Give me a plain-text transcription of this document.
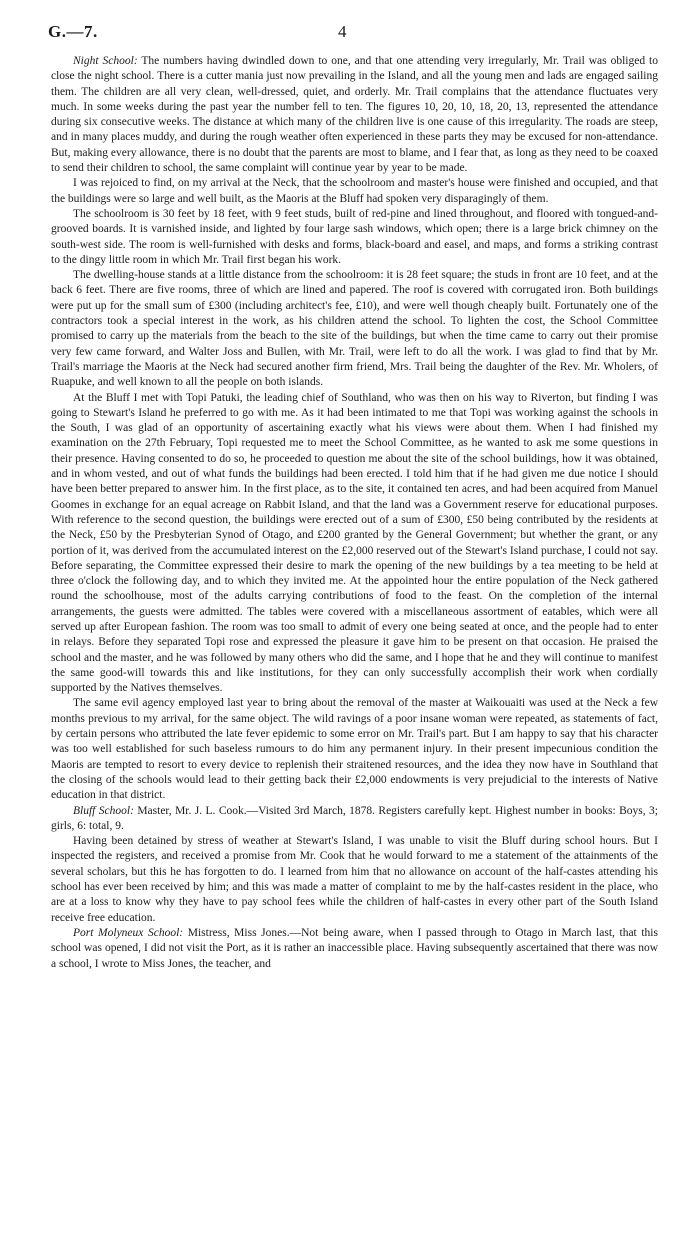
G.—7.	4

Night School: The numbers having dwindled down to one, and that one attending very irregularly, Mr. Trail was obliged to close the night school. There is a cutter mania just now prevailing in the Island, and all the young men and lads are engaged sailing them. The children are all very clean, well-dressed, quiet, and orderly. Mr. Trail complains that the attendance fluctuates very much. In some weeks during the past year the number fell to ten. The figures 10, 20, 10, 18, 20, 13, represented the attendance during six consecutive weeks. The distance at which many of the children live is one cause of this irregularity. The roads are steep, and in many places muddy, and during the rough weather often experienced in these parts they may be excused for non-attendance. But, making every allowance, there is no doubt that the parents are most to blame, and I fear that, as long as they need to be coaxed to send their children to school, the same complaint will continue year by year to be made.

I was rejoiced to find, on my arrival at the Neck, that the schoolroom and master's house were finished and occupied, and that the buildings were so large and well built, as the Maoris at the Bluff had spoken very disparagingly of them.

The schoolroom is 30 feet by 18 feet, with 9 feet studs, built of red-pine and lined throughout, and floored with tongued-and-grooved boards. It is varnished inside, and lighted by four large sash windows, which open; there is a large brick chimney on the south-west side. The room is well-furnished with desks and forms, black-board and easel, and maps, and forms a striking contrast to the dingy little room in which Mr. Trail first began his work.

The dwelling-house stands at a little distance from the schoolroom: it is 28 feet square; the studs in front are 10 feet, and at the back 6 feet. There are five rooms, three of which are lined and papered. The roof is covered with corrugated iron. Both buildings were put up for the small sum of £300 (including architect's fee, £10), and were well though cheaply built. Fortunately one of the contractors took a special interest in the work, as his children attend the school. To lighten the cost, the School Committee promised to carry up the materials from the beach to the site of the buildings, but when the time came to carry out their promise very few came forward, and Walter Joss and Bullen, with Mr. Trail, were left to do all the work. I was glad to find that by Mr. Trail's marriage the Maoris at the Neck had secured another firm friend, Mrs. Trail being the daughter of the Rev. Mr. Wholers, of Ruapuke, and well known to all the people on both islands.

At the Bluff I met with Topi Patuki, the leading chief of Southland, who was then on his way to Riverton, but finding I was going to Stewart's Island he preferred to go with me. As it had been intimated to me that Topi was working against the schools in the South, I was glad of an opportunity of ascertaining exactly what his views were about them. When I had finished my examination on the 27th February, Topi requested me to meet the School Committee, as he wanted to ask me some questions in their presence. Having consented to do so, he proceeded to question me about the site of the school buildings, how it was obtained, and in whom vested, and out of what funds the buildings had been erected. I told him that if he had given me due notice I should have been better prepared to answer him. In the first place, as to the site, it contained ten acres, and had been acquired from Manuel Goomes in exchange for an equal acreage on Rabbit Island, and that the land was a Government reserve for educational purposes. With reference to the second question, the buildings were erected out of a sum of £300, £50 being contributed by the residents at the Neck, £50 by the Presbyterian Synod of Otago, and £200 granted by the General Government; but whether the grant, or any portion of it, was derived from the accumulated interest on the £2,000 reserved out of the Stewart's Island purchase, I could not say. Before separating, the Committee expressed their desire to mark the opening of the new buildings by a tea meeting to be held at three o'clock the following day, and to which they invited me. At the appointed hour the entire population of the Neck gathered round the schoolhouse, most of the adults carrying contributions of food to the feast. On the completion of the internal arrangements, the guests were admitted. The tables were covered with a miscellaneous assortment of eatables, which were all served up after European fashion. The room was too small to admit of every one being seated at once, and the people had to enter in relays. Before they separated Topi rose and expressed the pleasure it gave him to be present on that occasion. He praised the school and the master, and he was followed by many others who did the same, and I hope that he and they will continue to manifest the same good-will towards this and like institutions, for they can only successfully accomplish their work when cordially supported by the Natives themselves.

The same evil agency employed last year to bring about the removal of the master at Waikouaiti was used at the Neck a few months previous to my arrival, for the same object. The wild ravings of a poor insane woman were repeated, as statements of fact, by certain persons who attributed the late fever epidemic to some error on Mr. Trail's part. But I am happy to say that his character was too well established for such baseless rumours to do him any permanent injury. In their present impecunious condition the Maoris are tempted to resort to every device to replenish their straitened resources, and the idea they now have in Southland that the closing of the schools would lead to their getting back their £2,000 endowments is very prejudicial to the interests of Native education in that district.

Bluff School: Master, Mr. J. L. Cook.—Visited 3rd March, 1878. Registers carefully kept. Highest number in books: Boys, 3; girls, 6: total, 9.

Having been detained by stress of weather at Stewart's Island, I was unable to visit the Bluff during school hours. But I inspected the registers, and received a promise from Mr. Cook that he would forward to me a statement of the attainments of the several scholars, but this he has forgotten to do. I learned from him that no allowance on account of the half-castes attending his school has ever been received by him; and this was made a matter of complaint to me by the half-castes resident in the place, who are at a loss to know why they have to pay school fees while the children of half-castes in every other part of the South Island receive free education.

Port Molyneux School: Mistress, Miss Jones.—Not being aware, when I passed through to Otago in March last, that this school was opened, I did not visit the Port, as it is rather an inaccessible place. Having subsequently ascertained that there was now a school, I wrote to Miss Jones, the teacher, and
